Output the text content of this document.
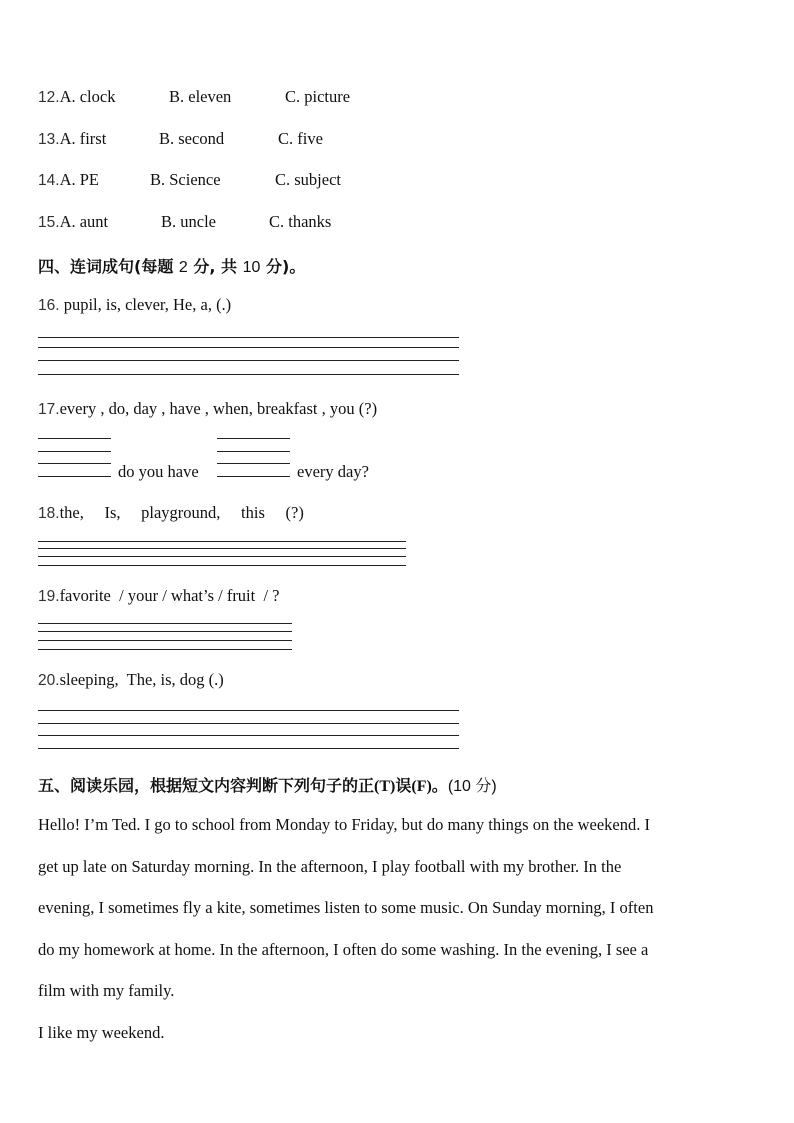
12.A. clock	B. eleven	C. picture
13.A. first	B. second	C. five
14.A. PE	B. Science	C. subject
15.A. aunt	B. uncle	C. thanks
四、连词成句(每题 2 分, 共 10 分)。
16. pupil, is, clever, He, a, (.)
17.every , do, day , have , when, breakfast , you (?)
do you have	every day?
18.the,     Is,     playground,     this     (?)
19.favorite  / your / what’s / fruit  / ?
20.sleeping,  The, is, dog (.)
五、阅读乐园，根据短文内容判断下列句子的正(T)误(F)。(10 分)
Hello! I’m Ted. I go to school from Monday to Friday, but do many things on the weekend. I
get up late on Saturday morning. In the afternoon, I play football with my brother. In the
evening, I sometimes fly a kite, sometimes listen to some music. On Sunday morning, I often
do my homework at home. In the afternoon, I often do some washing. In the evening, I see a
film with my family.
I like my weekend.
